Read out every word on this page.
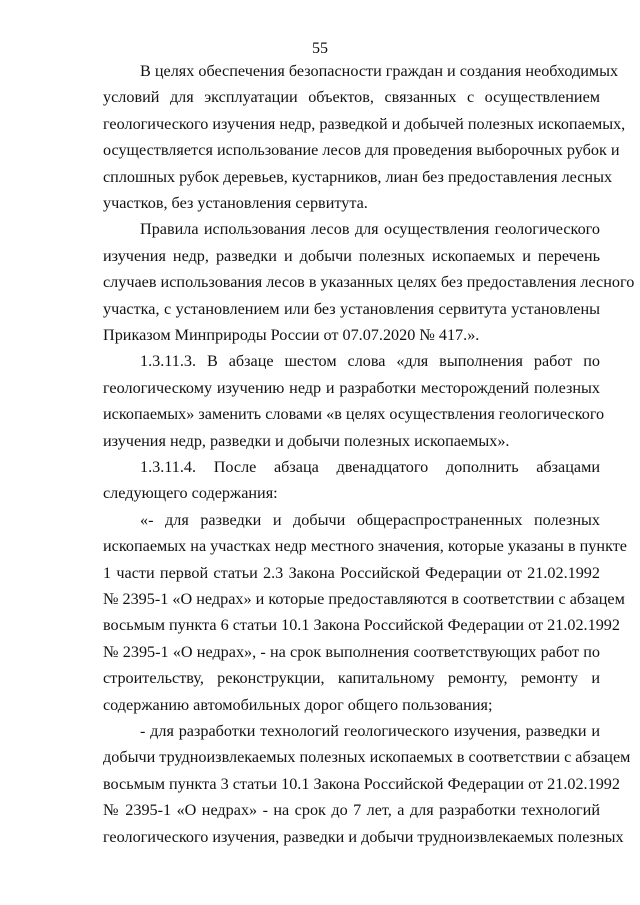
55
В целях обеспечения безопасности граждан и создания необходимых
условий для эксплуатации объектов, связанных с осуществлением
геологического изучения недр, разведкой и добычей полезных ископаемых,
осуществляется использование лесов для проведения выборочных рубок и
сплошных рубок деревьев, кустарников, лиан без предоставления лесных
участков, без установления сервитута.
Правила использования лесов для осуществления геологического
изучения недр, разведки и добычи полезных ископаемых и перечень
случаев использования лесов в указанных целях без предоставления лесного
участка, с установлением или без установления сервитута установлены
Приказом Минприроды России от 07.07.2020 № 417.».
1.3.11.3. В абзаце шестом слова «для выполнения работ по
геологическому изучению недр и разработки месторождений полезных
ископаемых» заменить словами «в целях осуществления геологического
изучения недр, разведки и добычи полезных ископаемых».
1.3.11.4. После абзаца двенадцатого дополнить абзацами
следующего содержания:
«- для разведки и добычи общераспространенных полезных
ископаемых на участках недр местного значения, которые указаны в пункте
1 части первой статьи 2.3 Закона Российской Федерации от 21.02.1992
№ 2395-1 «О недрах» и которые предоставляются в соответствии с абзацем
восьмым пункта 6 статьи 10.1 Закона Российской Федерации от 21.02.1992
№ 2395-1 «О недрах», - на срок выполнения соответствующих работ по
строительству, реконструкции, капитальному ремонту, ремонту и
содержанию автомобильных дорог общего пользования;
- для разработки технологий геологического изучения, разведки и
добычи трудноизвлекаемых полезных ископаемых в соответствии с абзацем
восьмым пункта 3 статьи 10.1 Закона Российской Федерации от 21.02.1992
№ 2395-1 «О недрах» - на срок до 7 лет, а для разработки технологий
геологического изучения, разведки и добычи трудноизвлекаемых полезных
